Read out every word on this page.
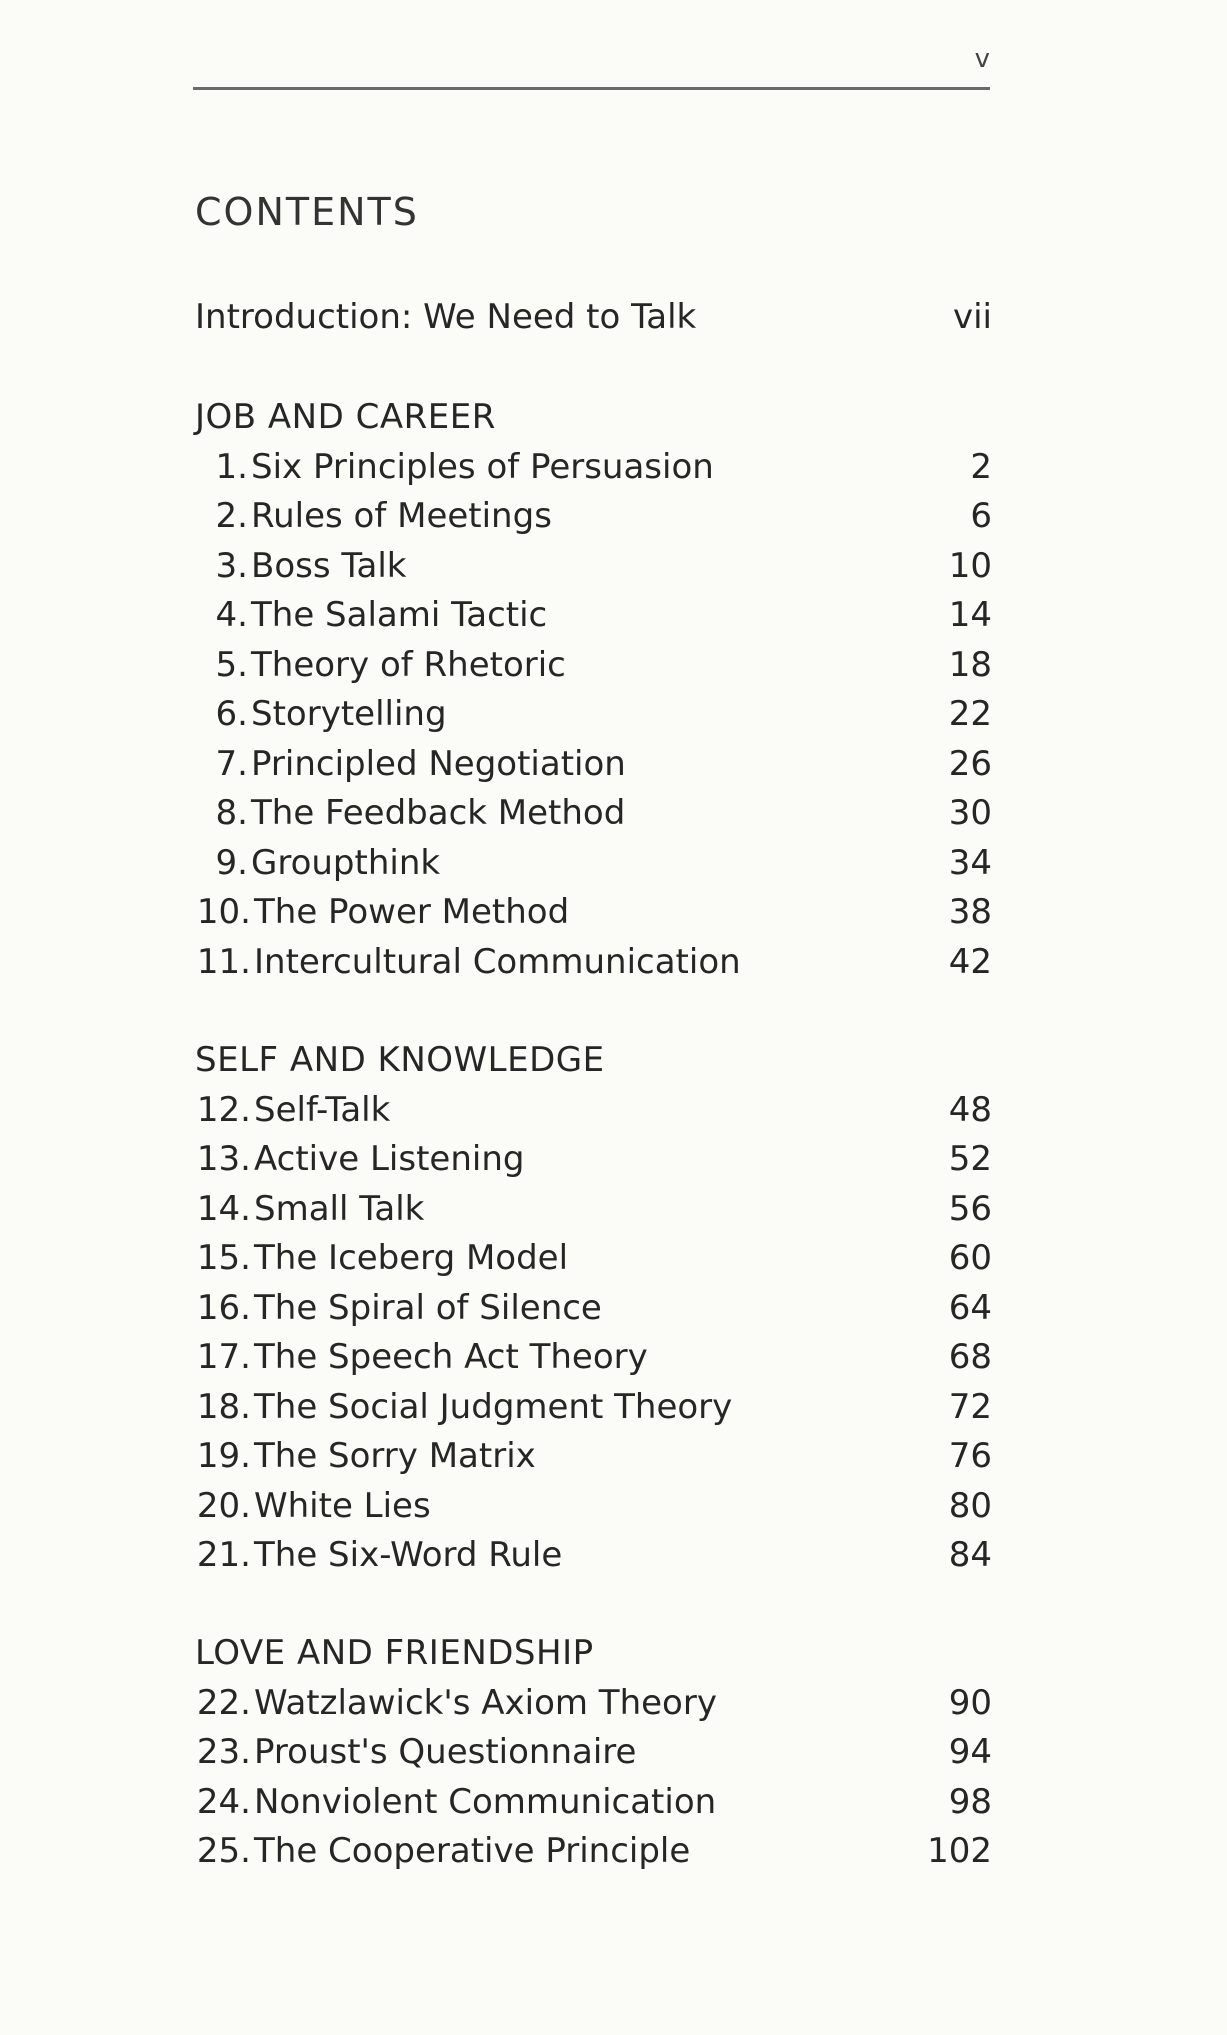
v
CONTENTS
Introduction: We Need to Talk	vii
JOB AND CAREER
1. Six Principles of Persuasion	2
2. Rules of Meetings	6
3. Boss Talk	10
4. The Salami Tactic	14
5. Theory of Rhetoric	18
6. Storytelling	22
7. Principled Negotiation	26
8. The Feedback Method	30
9. Groupthink	34
10. The Power Method	38
11. Intercultural Communication	42
SELF AND KNOWLEDGE
12. Self-Talk	48
13. Active Listening	52
14. Small Talk	56
15. The Iceberg Model	60
16. The Spiral of Silence	64
17. The Speech Act Theory	68
18. The Social Judgment Theory	72
19. The Sorry Matrix	76
20. White Lies	80
21. The Six-Word Rule	84
LOVE AND FRIENDSHIP
22. Watzlawick's Axiom Theory	90
23. Proust's Questionnaire	94
24. Nonviolent Communication	98
25. The Cooperative Principle	102
